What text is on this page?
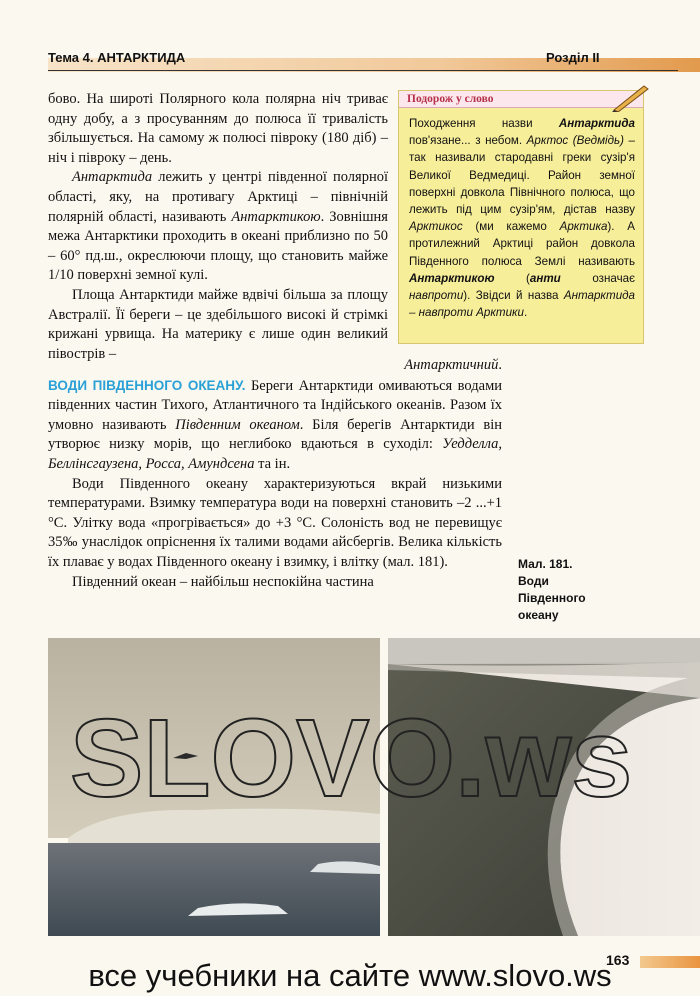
Тема 4. АНТАРКТИДА	Розділ ІІ

бово. На широті Полярного кола полярна ніч триває одну добу, а з просуванням до полюса її тривалість збільшується. На самому ж полюсі півроку (180 діб) – ніч і півроку – день.

Антарктида лежить у центрі південної полярної області, яку, на противагу Арктиці – північній полярній області, називають Антарктикою. Зовнішня межа Антарктики проходить в океані приблизно по 50 – 60° пд.ш., окреслюючи площу, що становить майже 1/10 поверхні земної кулі.

Площа Антарктиди майже вдвічі більша за площу Австралії. Її береги – це здебільшого високі й стрімкі крижані урвища. На материку є лише один великий півострів –

Антарктичний.

ВОДИ ПІВДЕННОГО ОКЕАНУ. Береги Антарктиди омиваються водами південних частин Тихого, Атлантичного та Індійського океанів. Разом їх умовно називають Південним океаном. Біля берегів Антарктиди він утворює низку морів, що неглибоко вдаються в суходіл: Уедделла, Беллінсгаузена, Росса, Амундсена та ін.

Води Південного океану характеризуються вкрай низькими температурами. Взимку температура води на поверхні становить –2 ...+1 °С. Улітку вода «прогрівається» до +3 °С. Солоність вод не перевищує 35‰ унаслідок опріснення їх талими водами айсбергів. Велика кількість їх плаває у водах Південного океану і взимку, і влітку (мал. 181).

Південний океан – найбільш неспокійна частина

Подорож у слово
Походження назви Антарктида пов'язане... з небом. Арктос (Ведмідь) – так називали стародавні греки сузір'я Великої Ведмедиці. Район земної поверхні довкола Північного полюса, що лежить під цим сузір'ям, дістав назву Арктикос (ми кажемо Арктика). А протилежний Арктиці район довкола Південного полюса Землі називають Антарктикою (анти означає навпроти). Звідси й назва Антарктида – навпроти Арктики.
Мал. 181.
Води
Південного
океану
SLOVO.ws
163
все учебники на сайте www.slovo.ws
